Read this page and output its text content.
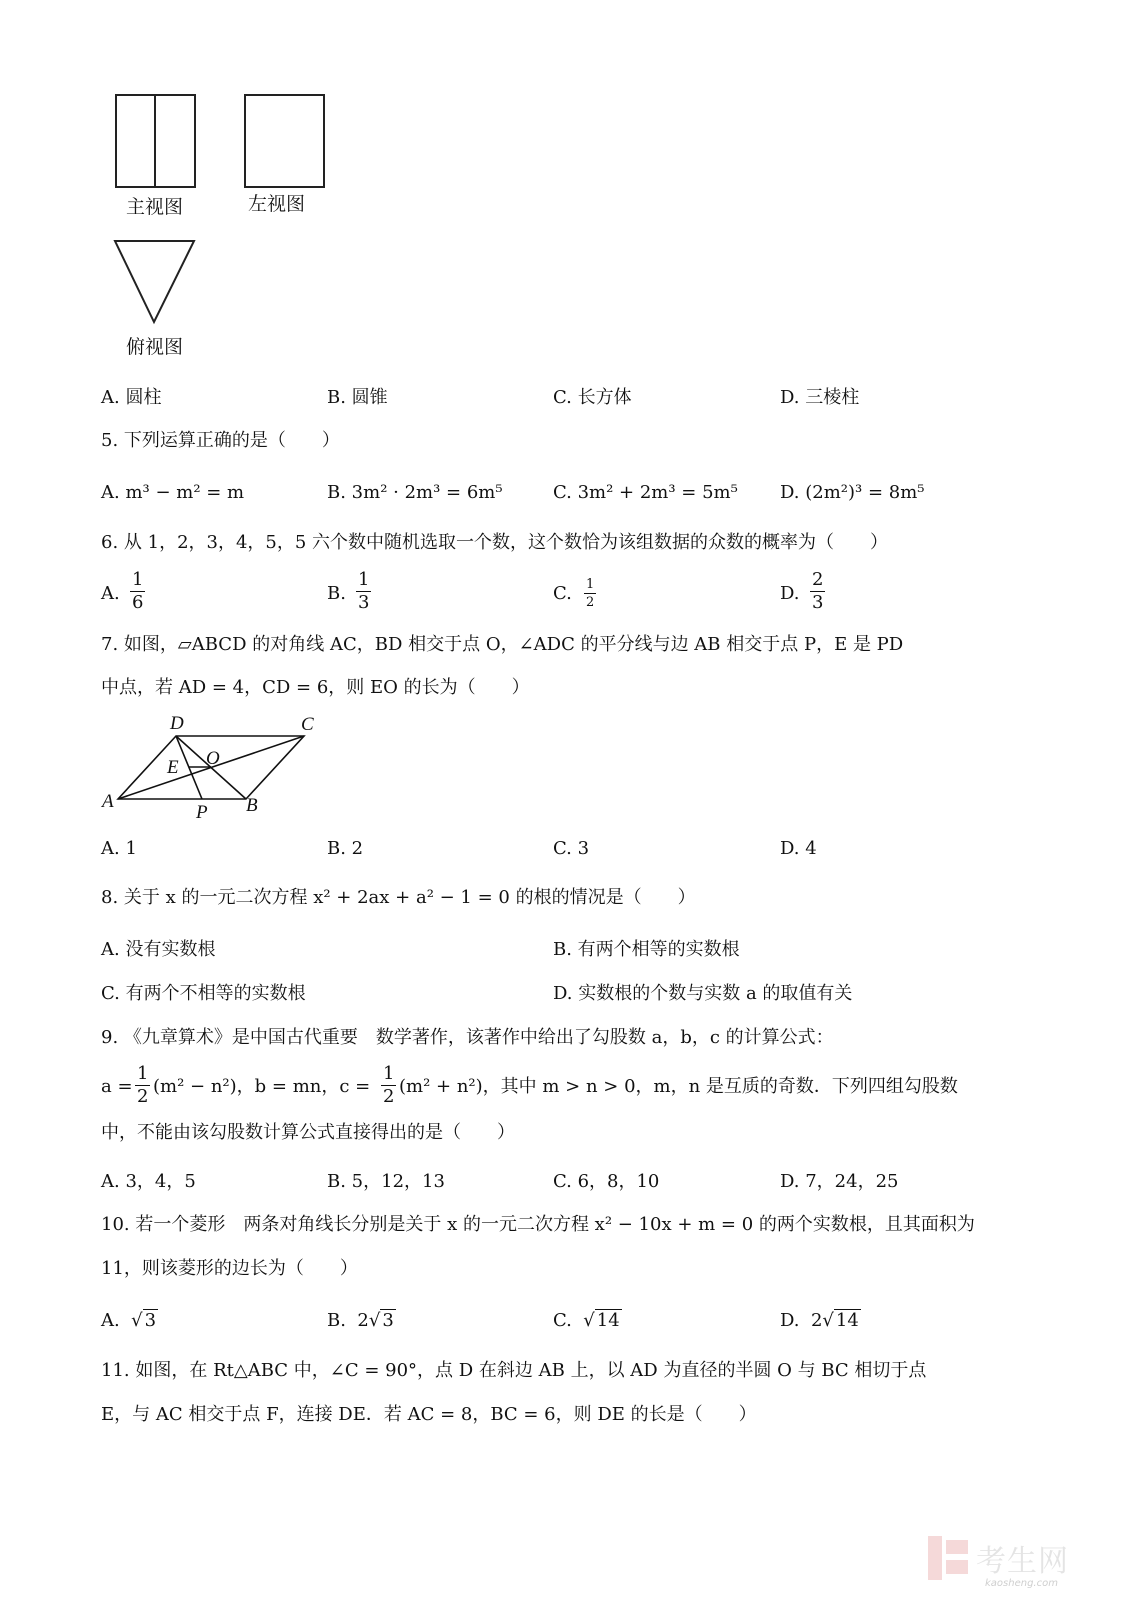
主视图	左视图
俯视图
A. 圆柱	B. 圆锥	C. 长方体	D. 三棱柱
5. 下列运算正确的是（　　）
A. m³ − m² = m	B. 3m² · 2m³ = 6m⁵	C. 3m² + 2m³ = 5m⁵ D. (2m²)³ = 8m⁵
6. 从 1，2，3，4，5，5 六个数中随机选取一个数，这个数恰为该组数据的众数的概率为（　　）
A. $\frac{1}{6}$	B. $\frac{1}{3}$	C. $\frac{1}{2}$	D. $\frac{2}{3}$
7. 如图，▱ABCD 的对角线 AC，BD 相交于点 O，∠ADC 的平分线与边 AB 相交于点 P，E 是 PD
中点，若 AD = 4，CD = 6，则 EO 的长为（　　）
D	C
O
E
A
P B
A. 1	B. 2	C. 3	D. 4
8. 关于 x 的一元二次方程 x² + 2ax + a² − 1 = 0 的根的情况是（　　）
A. 没有实数根	B. 有两个相等的实数根
C. 有两个不相等的实数根	D. 实数根的个数与实数 a 的取值有关
9. 《九章算术》是中国古代重要　数学著作，该著作中给出了勾股数 a，b，c 的计算公式：
$a = \frac{1}{2} (m^2 - n^2)$，b = mn，$c = \frac{1}{2} (m^2 + n^2)$，其中 m > n > 0，m，n 是互质的奇数．下列四组勾股数
中，不能由该勾股数计算公式直接得出的是（　　）
A. 3，4，5	B. 5，12，13	C. 6，8，10	D. 7，24，25
10. 若一个菱形　两条对角线长分别是关于 x 的一元二次方程 x² − 10x + m = 0 的两个实数根，且其面积为
11，则该菱形的边长为（　　）
A.  √ 3	B. 2√ 3	C.  √ 14	D. 2√ 14
11. 如图，在 Rt△ABC 中，∠C = 90°，点 D 在斜边 AB 上，以 AD 为直径的半圆 O 与 BC 相切于点
E，与 AC 相交于点 F，连接 DE．若 AC = 8，BC = 6，则 DE 的长是（　　）
考生网
kaosheng.com
